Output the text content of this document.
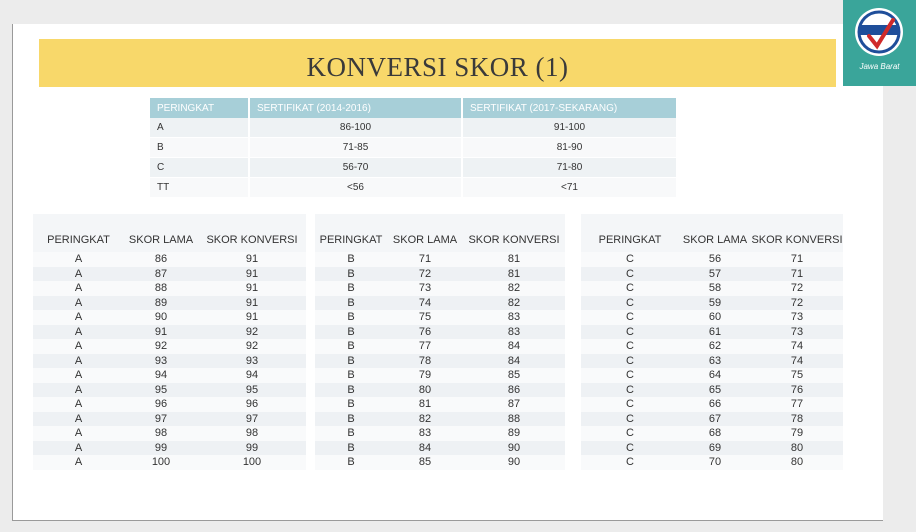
KONVERSI SKOR (1)
PERINGKAT	SERTIFIKAT (2014-2016)	SERTIFIKAT (2017-SEKARANG)
A	86-100	91-100
B	71-85	81-90
C	56-70	71-80
TT	<56	<71
PERINGKAT	SKOR LAMA	SKOR KONVERSI
A	86	91
A	87	91
A	88	91
A	89	91
A	90	91
A	91	92
A	92	92
A	93	93
A	94	94
A	95	95
A	96	96
A	97	97
A	98	98
A	99	99
A	100	100
PERINGKAT	SKOR LAMA	SKOR KONVERSI
B	71	81
B	72	81
B	73	82
B	74	82
B	75	83
B	76	83
B	77	84
B	78	84
B	79	85
B	80	86
B	81	87
B	82	88
B	83	89
B	84	90
B	85	90
PERINGKAT	SKOR LAMA	SKOR KONVERSI
C	56	71
C	57	71
C	58	72
C	59	72
C	60	73
C	61	73
C	62	74
C	63	74
C	64	75
C	65	76
C	66	77
C	67	78
C	68	79
C	69	80
C	70	80
Jawa Barat
